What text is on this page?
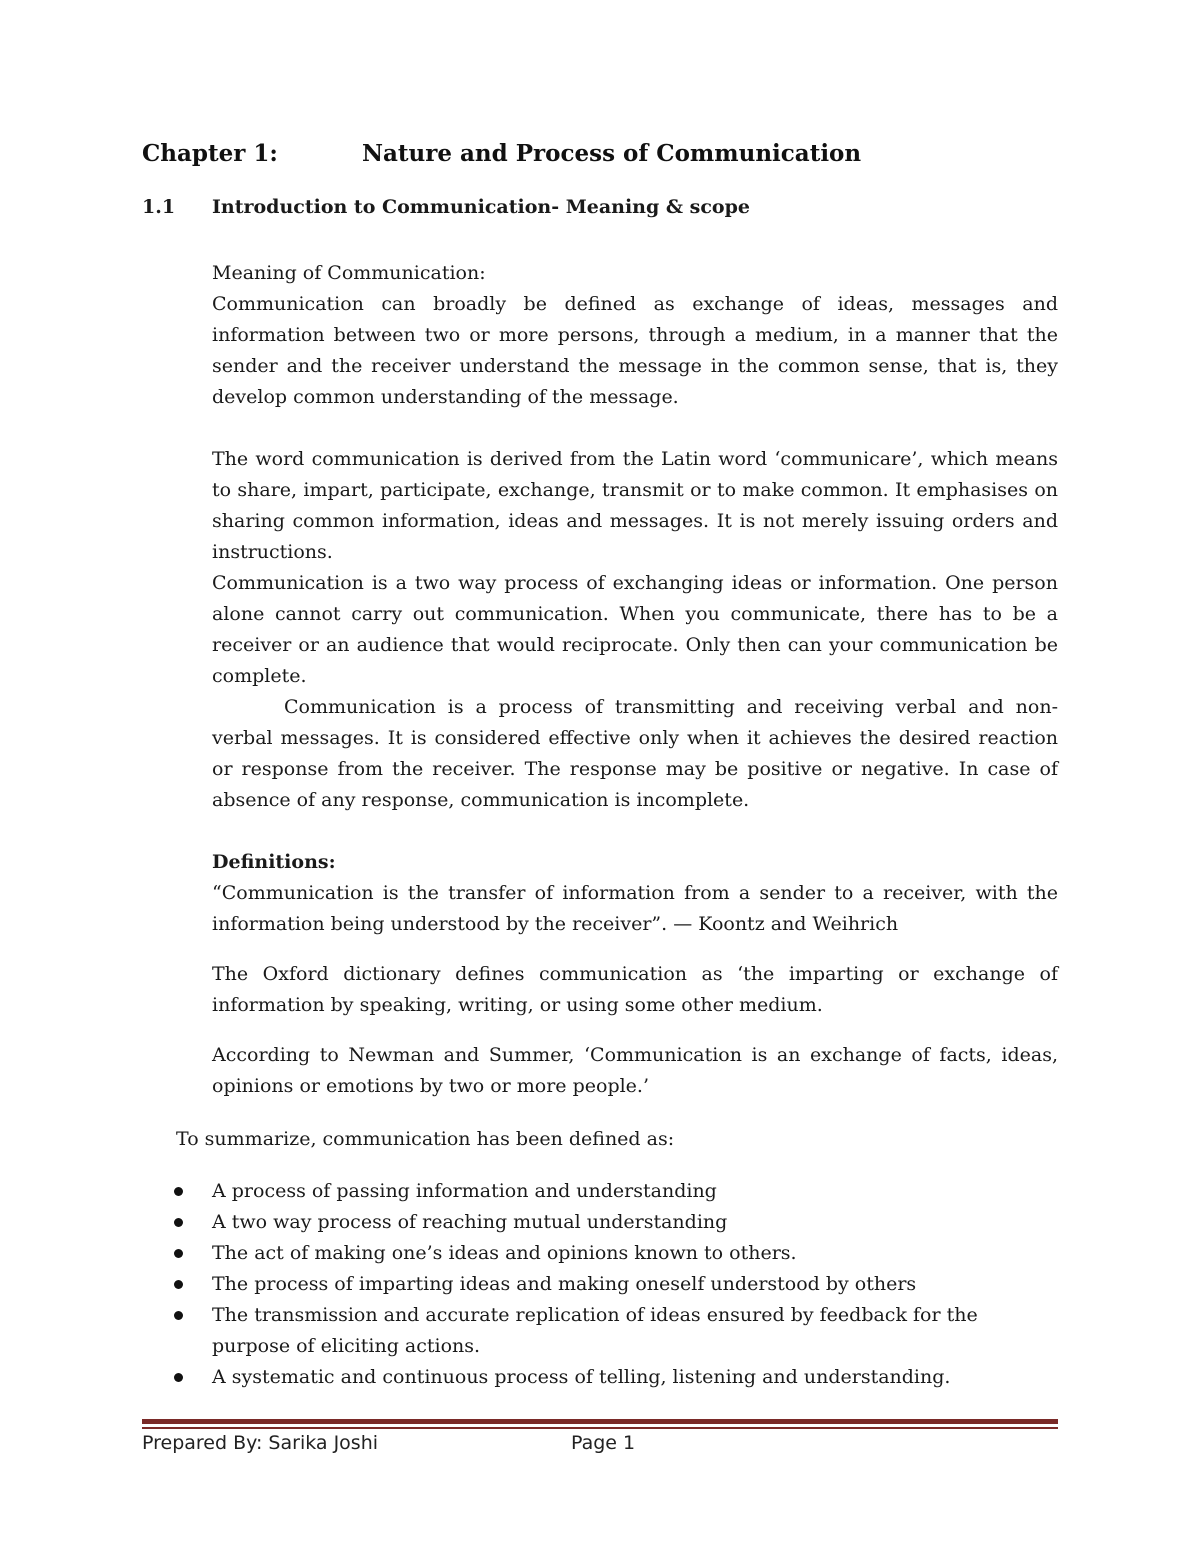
Chapter 1:	Nature and Process of Communication
1.1 Introduction to Communication- Meaning & scope

Meaning of Communication:

Communication can broadly be defined as exchange of ideas, messages and information between two or more persons, through a medium, in a manner that the sender and the receiver understand the message in the common sense, that is, they develop common understanding of the message.

The word communication is derived from the Latin word ‘communicare’, which means to share, impart, participate, exchange, transmit or to make common. It emphasises on sharing common information, ideas and messages. It is not merely issuing orders and instructions.

Communication is a two way process of exchanging ideas or information. One person alone cannot carry out communication. When you communicate, there has to be a receiver or an audience that would reciprocate. Only then can your communication be complete.

Communication is a process of transmitting and receiving verbal and non-verbal messages. It is considered effective only when it achieves the desired reaction or response from the receiver. The response may be positive or negative. In case of absence of any response, communication is incomplete.

Definitions:

“Communication is the transfer of information from a sender to a receiver, with the information being understood by the receiver”. — Koontz and Weihrich

The Oxford dictionary defines communication as ‘the imparting or exchange of information by speaking, writing, or using some other medium.

According to Newman and Summer, ‘Communication is an exchange of facts, ideas, opinions or emotions by two or more people.’

To summarize, communication has been defined as:
A process of passing information and understanding
A two way process of reaching mutual understanding
The act of making one’s ideas and opinions known to others.
The process of imparting ideas and making oneself understood by others
The transmission and accurate replication of ideas ensured by feedback for the purpose of eliciting actions.
A systematic and continuous process of telling, listening and understanding.
Prepared By: Sarika Joshi	Page 1
